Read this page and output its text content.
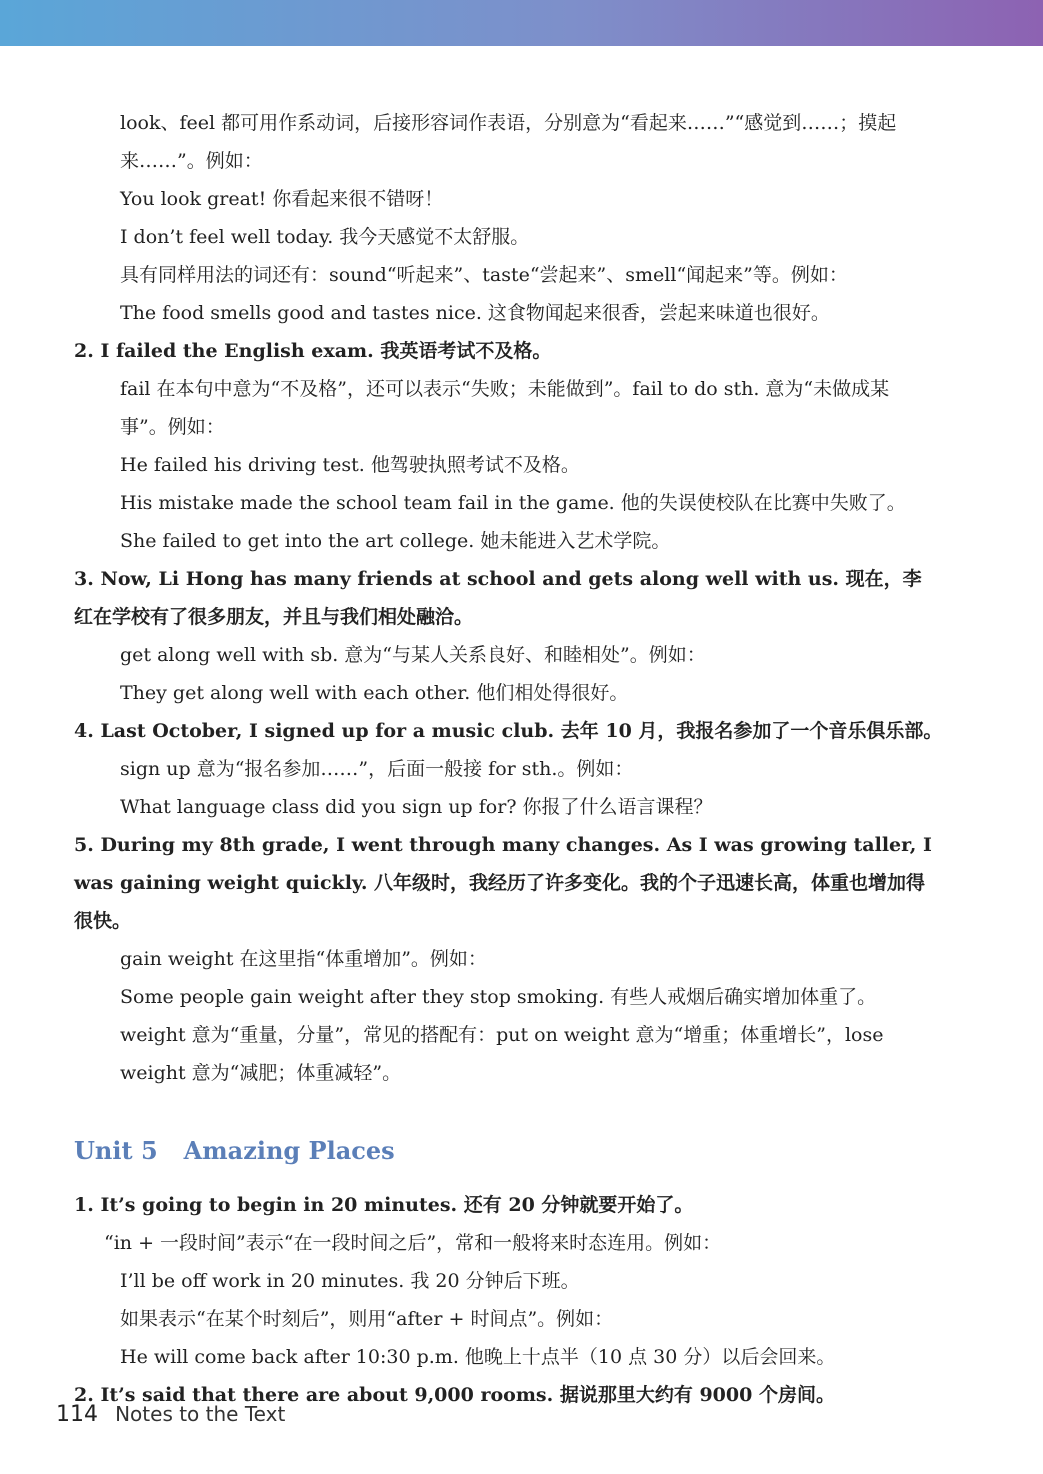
look、feel 都可用作系动词，后接形容词作表语，分别意为“看起来……”“感觉到……；摸起来……”。例如：

You look great! 你看起来很不错呀！

I don’t feel well today. 我今天感觉不太舒服。

具有同样用法的词还有：sound“听起来”、taste“尝起来”、smell“闻起来”等。例如：

The food smells good and tastes nice. 这食物闻起来很香，尝起来味道也很好。

2. I failed the English exam. 我英语考试不及格。

fail 在本句中意为“不及格”，还可以表示“失败；未能做到”。fail to do sth. 意为“未做成某事”。例如：

He failed his driving test. 他驾驶执照考试不及格。

His mistake made the school team fail in the game. 他的失误使校队在比赛中失败了。

She failed to get into the art college. 她未能进入艺术学院。

3. Now, Li Hong has many friends at school and gets along well with us. 现在，李红在学校有了很多朋友，并且与我们相处融洽。

get along well with sb. 意为“与某人关系良好、和睦相处”。例如：

They get along well with each other. 他们相处得很好。

4. Last October, I signed up for a music club. 去年 10 月，我报名参加了一个音乐俱乐部。

sign up 意为“报名参加……”，后面一般接 for sth.。例如：

What language class did you sign up for? 你报了什么语言课程？

5. During my 8th grade, I went through many changes. As I was growing taller, I was gaining weight quickly. 八年级时，我经历了许多变化。我的个子迅速长高，体重也增加得很快。

gain weight 在这里指“体重增加”。例如：

Some people gain weight after they stop smoking. 有些人戒烟后确实增加体重了。

weight 意为“重量，分量”，常见的搭配有：put on weight 意为“增重；体重增长”，lose weight 意为“减肥；体重减轻”。

Unit 5 Amazing Places

1. It’s going to begin in 20 minutes. 还有 20 分钟就要开始了。

“in + 一段时间”表示“在一段时间之后”，常和一般将来时态连用。例如：

I’ll be off work in 20 minutes. 我 20 分钟后下班。

如果表示“在某个时刻后”，则用“after + 时间点”。例如：

He will come back after 10:30 p.m. 他晚上十点半（10 点 30 分）以后会回来。

2. It’s said that there are about 9,000 rooms. 据说那里大约有 9000 个房间。

114 Notes to the Text
